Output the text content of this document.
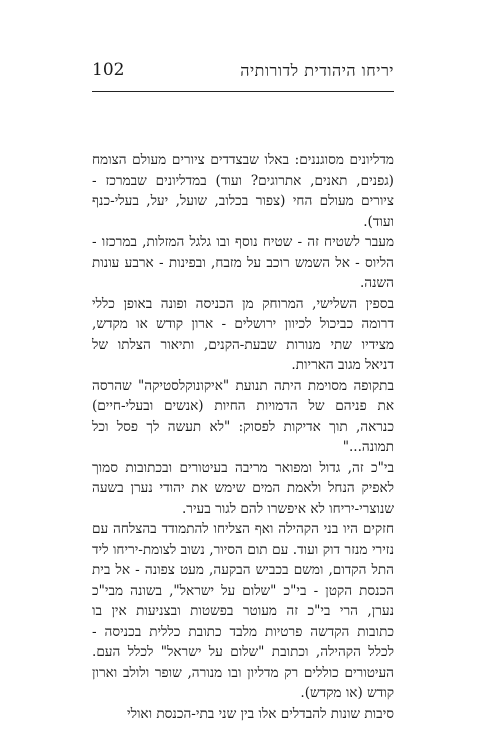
102	יריחו היהודית לדורותיה

מדליונים מסוגננים: באלו שבצדדים ציורים מעולם הצומח (גפנים, תאנים, אתרוגים? ועוד) במדליונים שבמרכז - ציורים מעולם החי (צפור בכלוב, שועל, יעל, בעלי-כנף ועוד).

מעבר לשטיח זה - שטיח נוסף ובו גלגל המזלות, במרכזו - הליוס - אל השמש רוכב על מזבח, ובפינות - ארבע עונות השנה.

בספין השלישי, המרוחק מן הכניסה ופונה באופן כללי דרומה כביכול לכיוון ירושלים - ארון קודש או מקדש, מצידיו שתי מנורות שבעת-הקנים, ותיאור הצלתו של דניאל מגוב האריות.

בתקופה מסוימת היתה תנועת "איקונוקלסטיקה" שהרסה את פניהם של הדמויות החיות (אנשים ובעלי-חיים) כנראה, תוך אדיקות לפסוק: "לא תעשה לך פסל וכל תמונה..."

בי"כ זה, גדול ומפואר מריבה בעיטורים ובכתובות סמוך לאפיק הנחל ולאמת המים שימש את יהודי נערן בשעה שנוצרי-יריחו לא איפשרו להם לגור בעיר.

חזקים היו בני הקהילה ואף הצליחו להתמודד בהצלחה עם נזירי מנזר דוק ועוד. עם תום הסיור, נשוב לצומת-יריחו ליד התל הקדום, ומשם בכביש הבקעה, מעט צפונה - אל בית הכנסת הקטן - בי"כ "שלום על ישראל", בשונה מבי"כ נערן, הרי בי"כ זה מעוטר בפשטות ובצניעות אין בו כתובות הקדשה פרטיות מלבד כתובת כללית בכניסה - לכלל הקהילה, וכתובת "שלום על ישראל" לכלל העם. העיטורים כוללים רק מדליון ובו מנורה, שופר ולולב וארון קודש (או מקדש).

סיבות שונות להבדלים אלו בין שני בתי-הכנסת ואולי
